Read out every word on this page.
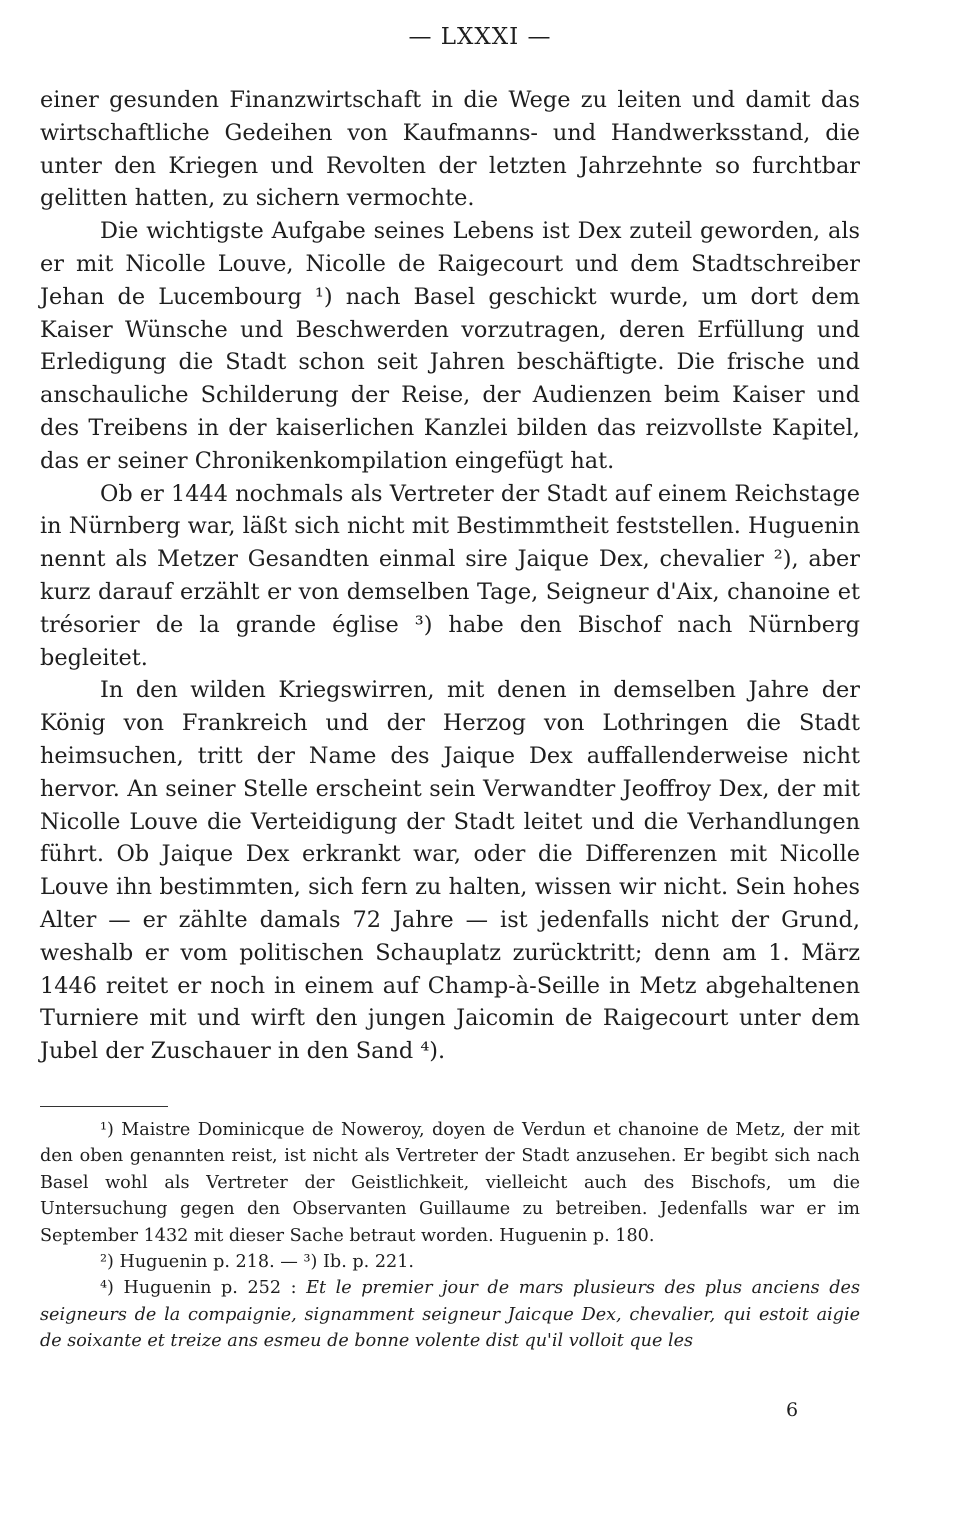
— LXXXI —

einer gesunden Finanzwirtschaft in die Wege zu leiten und damit das wirtschaftliche Gedeihen von Kaufmanns- und Handwerksstand, die unter den Kriegen und Revolten der letzten Jahrzehnte so furchtbar gelitten hatten, zu sichern vermochte.

Die wichtigste Aufgabe seines Lebens ist Dex zuteil geworden, als er mit Nicolle Louve, Nicolle de Raigecourt und dem Stadtschreiber Jehan de Lucembourg ¹) nach Basel geschickt wurde, um dort dem Kaiser Wünsche und Beschwerden vorzutragen, deren Erfüllung und Erledigung die Stadt schon seit Jahren beschäftigte. Die frische und anschauliche Schilderung der Reise, der Audienzen beim Kaiser und des Treibens in der kaiserlichen Kanzlei bilden das reizvollste Kapitel, das er seiner Chronikenkompilation eingefügt hat.

Ob er 1444 nochmals als Vertreter der Stadt auf einem Reichstage in Nürnberg war, läßt sich nicht mit Bestimmtheit feststellen. Huguenin nennt als Metzer Gesandten einmal sire Jaique Dex, chevalier ²), aber kurz darauf erzählt er von demselben Tage, Seigneur d'Aix, chanoine et trésorier de la grande église ³) habe den Bischof nach Nürnberg begleitet.

In den wilden Kriegswirren, mit denen in demselben Jahre der König von Frankreich und der Herzog von Lothringen die Stadt heimsuchen, tritt der Name des Jaique Dex auffallenderweise nicht hervor. An seiner Stelle erscheint sein Verwandter Jeoffroy Dex, der mit Nicolle Louve die Verteidigung der Stadt leitet und die Verhandlungen führt. Ob Jaique Dex erkrankt war, oder die Differenzen mit Nicolle Louve ihn bestimmten, sich fern zu halten, wissen wir nicht. Sein hohes Alter — er zählte damals 72 Jahre — ist jedenfalls nicht der Grund, weshalb er vom politischen Schauplatz zurücktritt; denn am 1. März 1446 reitet er noch in einem auf Champ-à-Seille in Metz abgehaltenen Turniere mit und wirft den jungen Jaicomin de Raigecourt unter dem Jubel der Zuschauer in den Sand ⁴).

¹) Maistre Dominicque de Noweroy, doyen de Verdun et chanoine de Metz, der mit den oben genannten reist, ist nicht als Vertreter der Stadt anzusehen. Er begibt sich nach Basel wohl als Vertreter der Geistlichkeit, vielleicht auch des Bischofs, um die Untersuchung gegen den Observanten Guillaume zu betreiben. Jedenfalls war er im September 1432 mit dieser Sache betraut worden. Huguenin p. 180.

²) Huguenin p. 218. — ³) Ib. p. 221.

⁴) Huguenin p. 252 : Et le premier jour de mars plusieurs des plus anciens des seigneurs de la compaignie, signamment seigneur Jaicque Dex, chevalier, qui estoit aigie de soixante et treize ans esmeu de bonne volente dist qu'il volloit que les

6
